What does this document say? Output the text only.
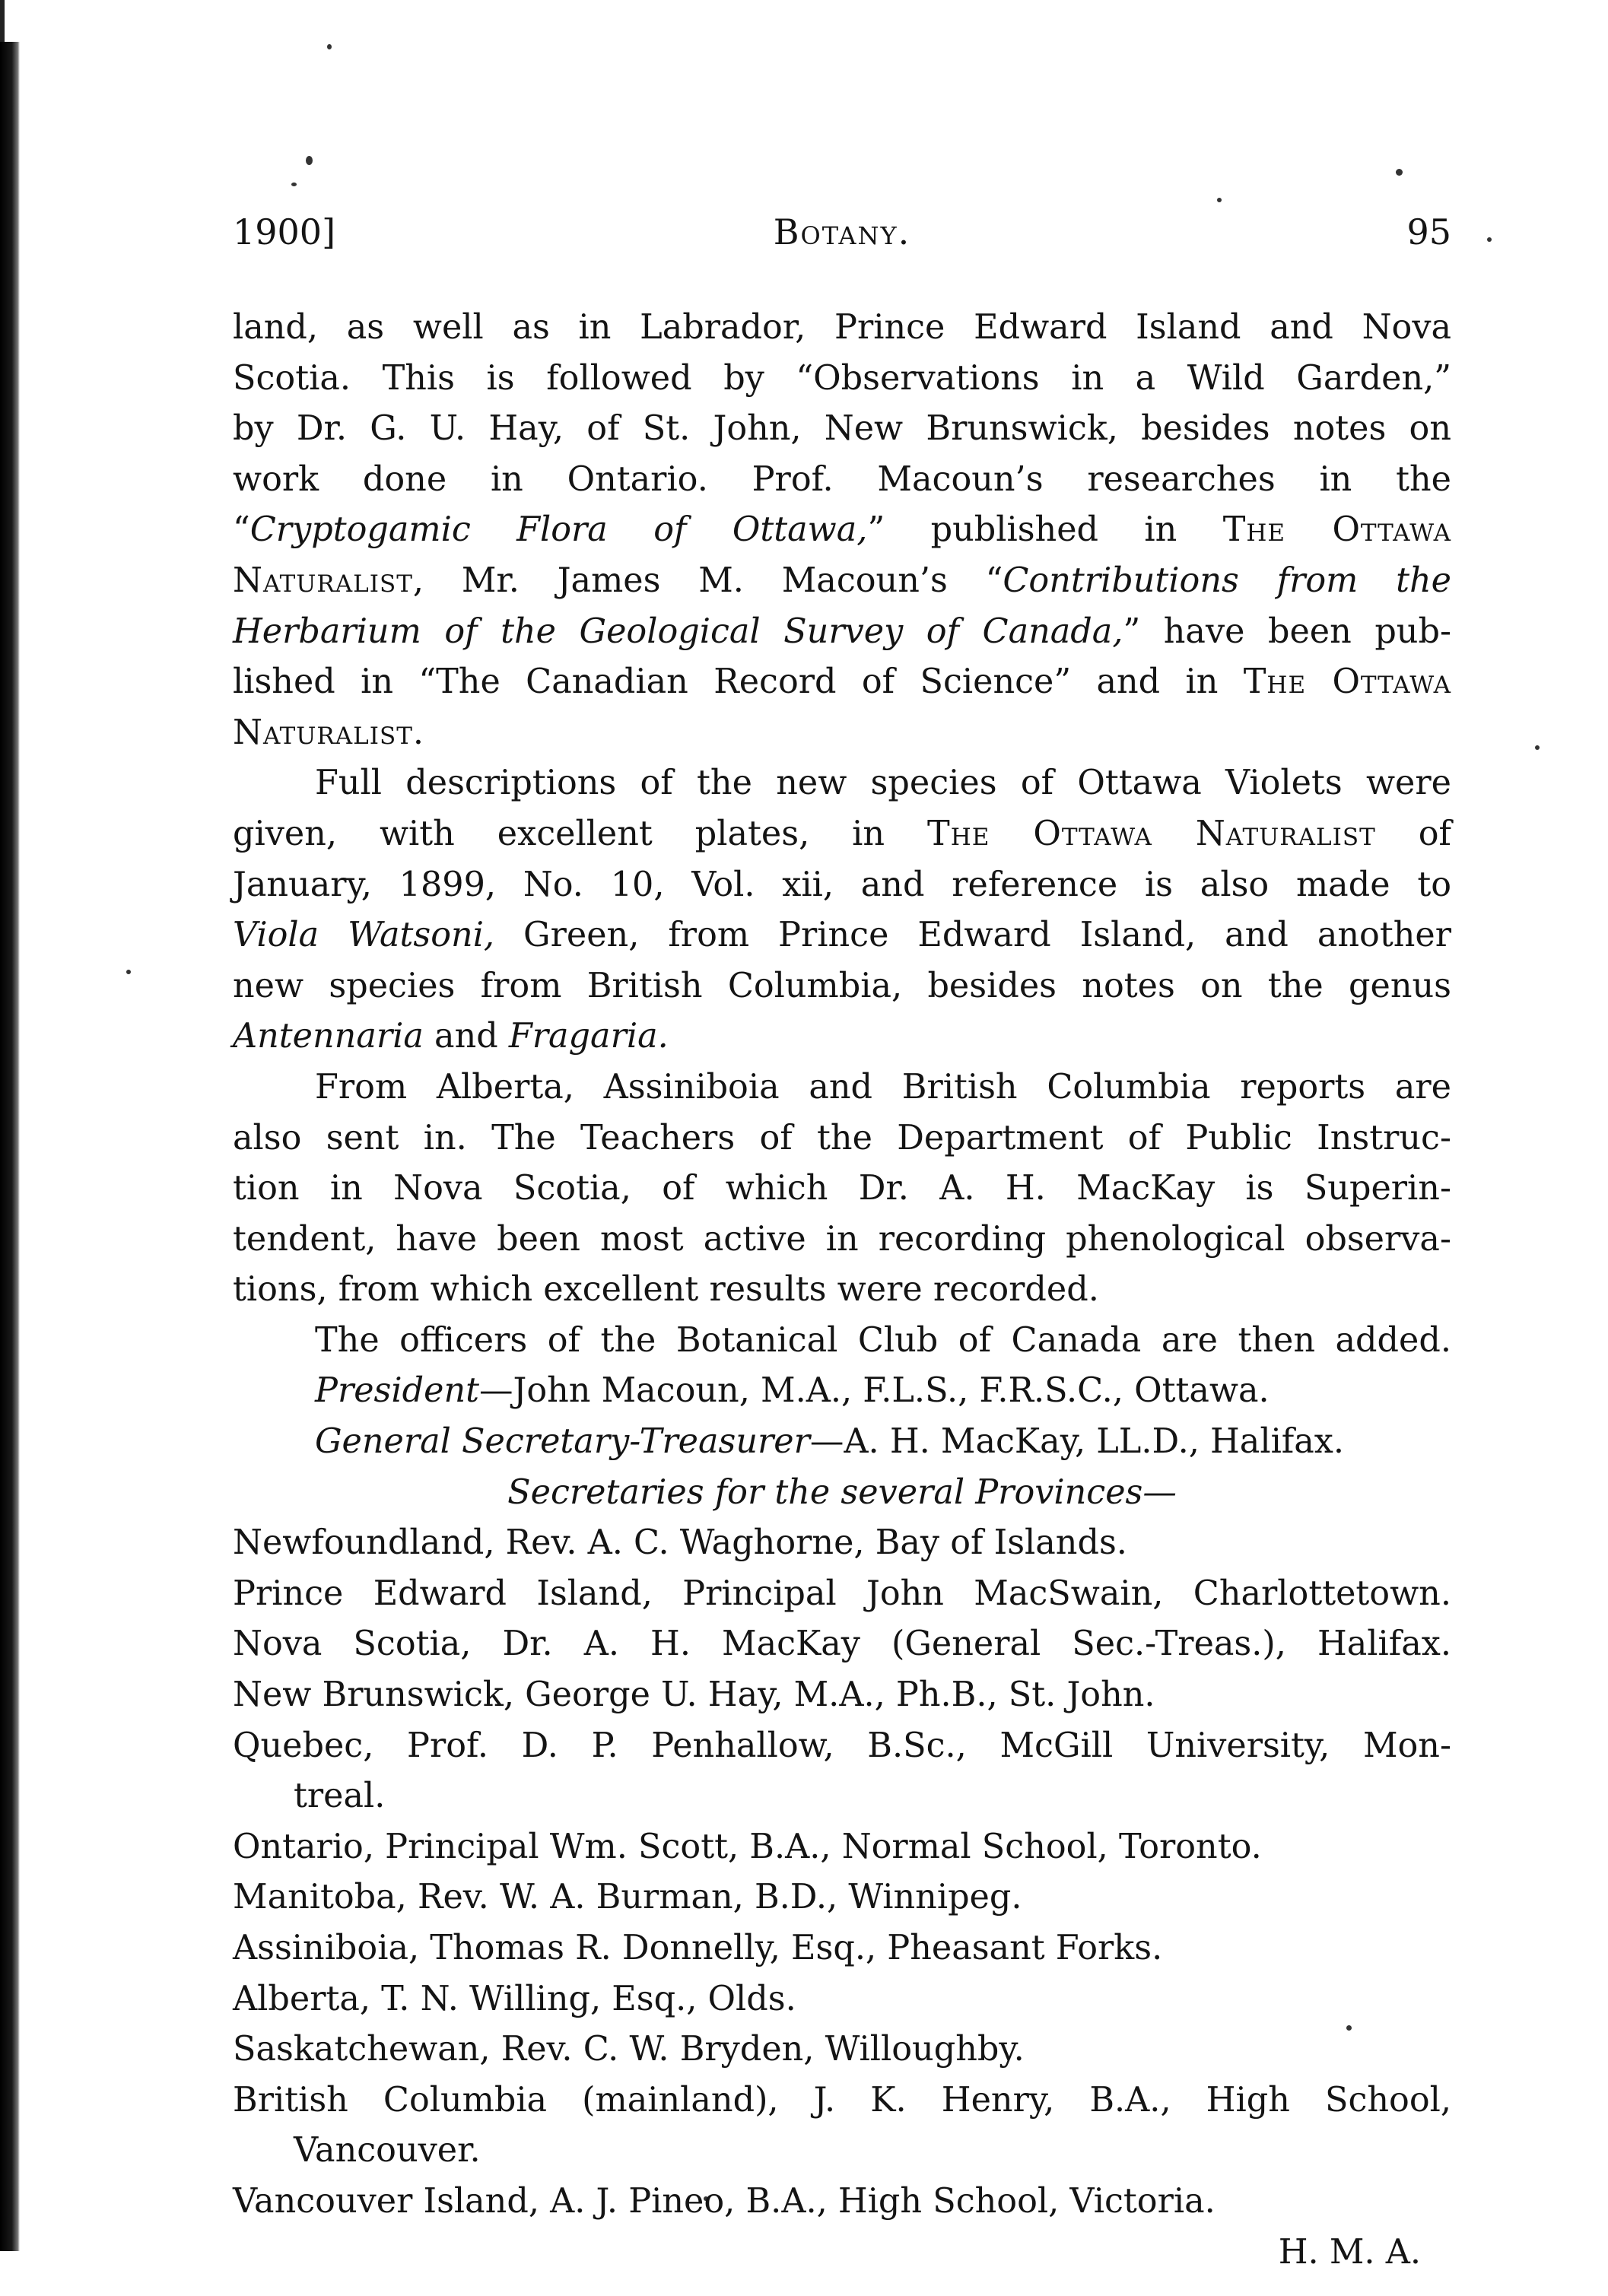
1900]	Botany.	95
land, as well as in Labrador, Prince Edward Island and Nova
Scotia. This is followed by “Observations in a Wild Garden,”
by Dr. G. U. Hay, of St. John, New Brunswick, besides notes on
work done in Ontario. Prof. Macoun’s researches in the
“Cryptogamic Flora of Ottawa,” published in The Ottawa
Naturalist, Mr. James M. Macoun’s “Contributions from the
Herbarium of the Geological Survey of Canada,” have been pub-
lished in “The Canadian Record of Science” and in The Ottawa
Naturalist.
Full descriptions of the new species of Ottawa Violets were
given, with excellent plates, in The Ottawa Naturalist of
January, 1899, No. 10, Vol. xii, and reference is also made to
Viola Watsoni, Green, from Prince Edward Island, and another
new species from British Columbia, besides notes on the genus
Antennaria and Fragaria.
From Alberta, Assiniboia and British Columbia reports are
also sent in. The Teachers of the Department of Public Instruc-
tion in Nova Scotia, of which Dr. A. H. MacKay is Superin-
tendent, have been most active in recording phenological observa-
tions, from which excellent results were recorded.
The officers of the Botanical Club of Canada are then added.
President—John Macoun, M.A., F.L.S., F.R.S.C., Ottawa.
General Secretary-Treasurer—A. H. MacKay, LL.D., Halifax.
Secretaries for the several Provinces—
Newfoundland, Rev. A. C. Waghorne, Bay of Islands.
Prince Edward Island, Principal John MacSwain, Charlottetown.
Nova Scotia, Dr. A. H. MacKay (General Sec.-Treas.), Halifax.
New Brunswick, George U. Hay, M.A., Ph.B., St. John.
Quebec, Prof. D. P. Penhallow, B.Sc., McGill University, Mon-
treal.
Ontario, Principal Wm. Scott, B.A., Normal School, Toronto.
Manitoba, Rev. W. A. Burman, B.D., Winnipeg.
Assiniboia, Thomas R. Donnelly, Esq., Pheasant Forks.
Alberta, T. N. Willing, Esq., Olds.
Saskatchewan, Rev. C. W. Bryden, Willoughby.
British Columbia (mainland), J. K. Henry, B.A., High School,
Vancouver.
Vancouver Island, A. J. Pineo, B.A., High School, Victoria.
H. M. A.
